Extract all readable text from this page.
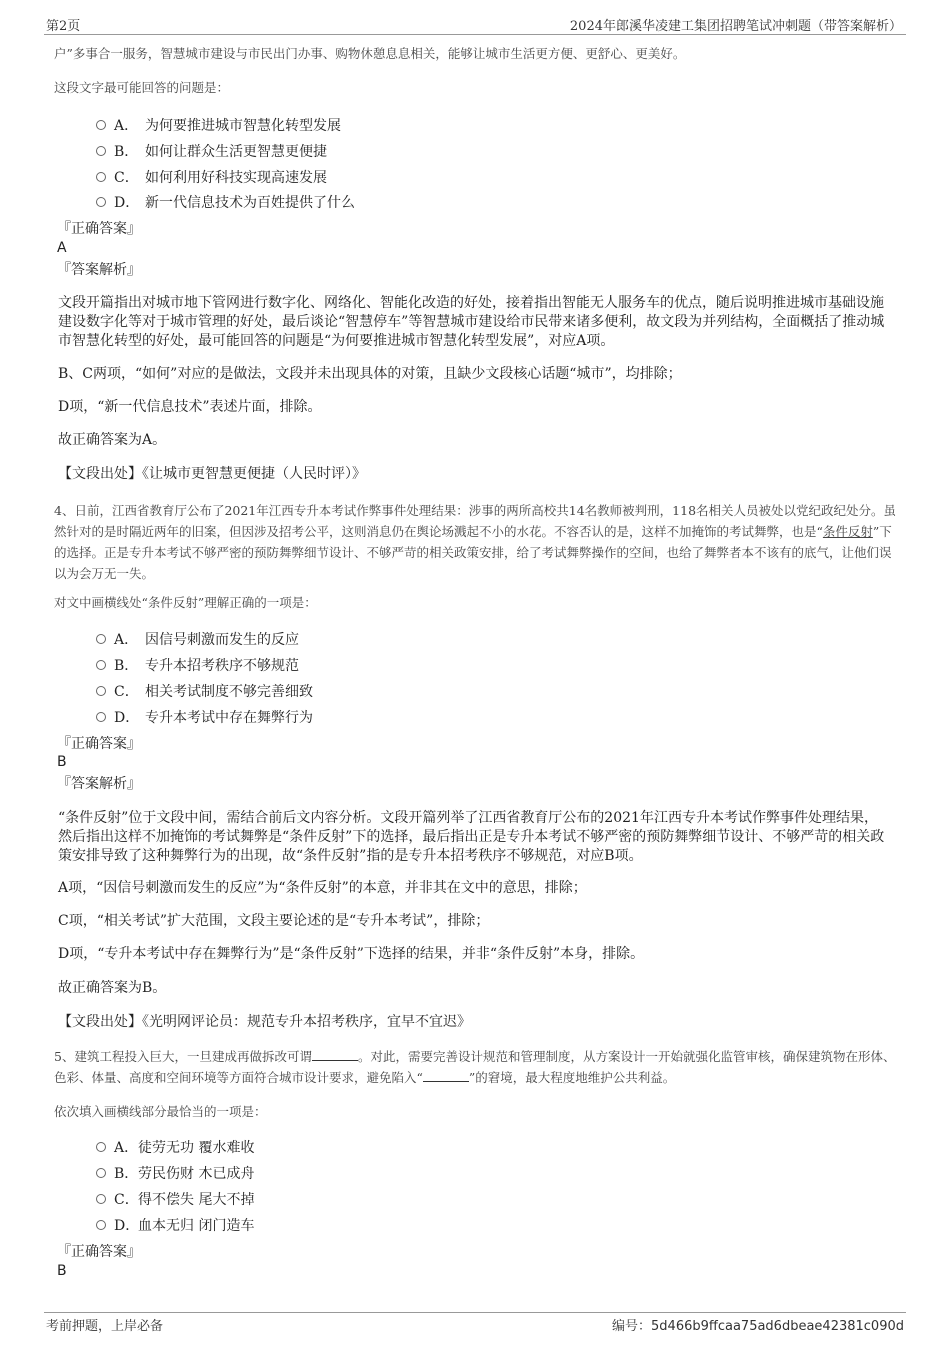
第2页	2024年郎溪华凌建工集团招聘笔试冲刺题（带答案解析）
户”多事合一服务，智慧城市建设与市民出门办事、购物休憩息息相关，能够让城市生活更方便、更舒心、更美好。
这段文字最可能回答的问题是：
A． 为何要推进城市智慧化转型发展
B． 如何让群众生活更智慧更便捷
C． 如何利用好科技实现高速发展
D． 新一代信息技术为百姓提供了什么
『正确答案』
A
『答案解析』
文段开篇指出对城市地下管网进行数字化、网络化、智能化改造的好处，接着指出智能无人服务车的优点，随后说明推进城市基础设施建设数字化等对于城市管理的好处，最后谈论“智慧停车”等智慧城市建设给市民带来诸多便利，故文段为并列结构，全面概括了推动城市智慧化转型的好处，最可能回答的问题是“为何要推进城市智慧化转型发展”，对应A项。
B、C两项，“如何”对应的是做法，文段并未出现具体的对策，且缺少文段核心话题“城市”，均排除；
D项，“新一代信息技术”表述片面，排除。
故正确答案为A。
【文段出处】《让城市更智慧更便捷（人民时评）》
4、日前，江西省教育厅公布了2021年江西专升本考试作弊事件处理结果：涉事的两所高校共14名教师被判刑，118名相关人员被处以党纪政纪处分。虽然针对的是时隔近两年的旧案，但因涉及招考公平，这则消息仍在舆论场溅起不小的水花。不容否认的是，这样不加掩饰的考试舞弊，也是“条件反射”下的选择。正是专升本考试不够严密的预防舞弊细节设计、不够严苛的相关政策安排，给了考试舞弊操作的空间，也给了舞弊者本不该有的底气，让他们误以为会万无一失。
对文中画横线处“条件反射”理解正确的一项是：
A． 因信号刺激而发生的反应
B． 专升本招考秩序不够规范
C． 相关考试制度不够完善细致
D． 专升本考试中存在舞弊行为
『正确答案』
B
『答案解析』
“条件反射”位于文段中间，需结合前后文内容分析。文段开篇列举了江西省教育厅公布的2021年江西专升本考试作弊事件处理结果，然后指出这样不加掩饰的考试舞弊是“条件反射”下的选择，最后指出正是专升本考试不够严密的预防舞弊细节设计、不够严苛的相关政策安排导致了这种舞弊行为的出现，故“条件反射”指的是专升本招考秩序不够规范，对应B项。
A项，“因信号刺激而发生的反应”为“条件反射”的本意，并非其在文中的意思，排除；
C项，“相关考试”扩大范围，文段主要论述的是“专升本考试”，排除；
D项，“专升本考试中存在舞弊行为”是“条件反射”下选择的结果，并非“条件反射”本身，排除。
故正确答案为B。
【文段出处】《光明网评论员：规范专升本招考秩序，宜早不宜迟》
5、建筑工程投入巨大，一旦建成再做拆改可谓	。对此，需要完善设计规范和管理制度，从方案设计一开始就强化监管审核，确保建筑物在形体、色彩、体量、高度和空间环境等方面符合城市设计要求，避免陷入“	”的窘境，最大程度地维护公共利益。
依次填入画横线部分最恰当的一项是：
A．徒劳无功 覆水难收
B．劳民伤财 木已成舟
C．得不偿失 尾大不掉
D．血本无归 闭门造车
『正确答案』
B
考前押题，上岸必备	编号：5d466b9ffcaa75ad6dbeae42381c090d
